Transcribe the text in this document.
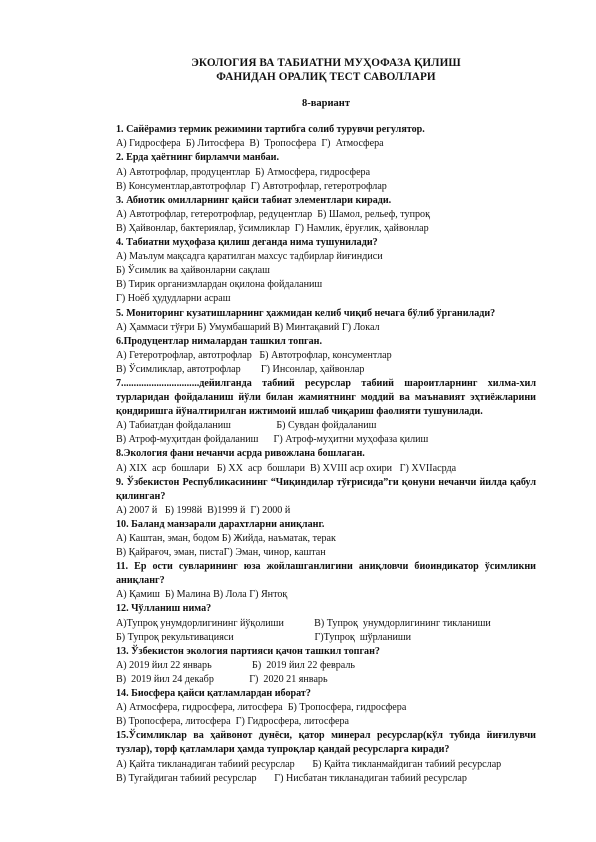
ЭКОЛОГИЯ ВА ТАБИАТНИ МУҲОФАЗА ҚИЛИШ
ФАНИДАН ОРАЛИҚ ТЕСТ САВОЛЛАРИ
8-вариант
1. Сайёрамиз термик режимини тартибга солиб турувчи регулятор.
А) Гидросфера  Б) Литосфера  В)  Тропосфера  Г)  Атмосфера
2. Ерда ҳаётнинг бирламчи манбаи.
А) Автотрофлар, продуцентлар  Б) Атмосфера, гидросфера
В) Консументлар,автотрофлар  Г) Автотрофлар, гетеротрофлар
3. Абиотик омилларнинг қайси табиат элементлари киради.
А) Автотрофлар, гетеротрофлар, редуцентлар  Б) Шамол, рельеф, тупроқ
В) Ҳайвонлар, бактериялар, ўсимликлар  Г) Намлик, ёруғлик, ҳайвонлар
4. Табиатни муҳофаза қилиш деганда нима тушунилади?
А) Маълум мақсадга қаратилган махсус тадбирлар йиғиндиси
Б) Ўсимлик ва ҳайвонларни сақлаш
В) Тирик организмлардан оқилона фойдаланиш
Г) Ноёб ҳудудларни асраш
5. Мониторинг кузатишларнинг ҳажмидан келиб чиқиб нечага бўлиб ўрганилади?
А) Ҳаммаси тўғри Б) Умумбашарий В) Минтақавий Г) Локал
6.Продуцентлар нималардан ташкил топган.
А) Гетеротрофлар, автотрофлар   Б) Автотрофлар, консументлар
В) Ўсимликлар, автотрофлар        Г) Инсонлар, ҳайвонлар
7...............................дейилганда табиий ресурслар табиий шароитларнинг хилма-хил турларидан фойдаланиш йўли билан жамиятнинг моддий ва маънавият эҳтиёжларини қондиришга йўналтирилган ижтимоий ишлаб чиқариш фаолияти тушунилади.
А) Табиатдан фойдаланиш                  Б) Сувдан фойдаланиш
В) Атроф-муҳитдан фойдаланиш      Г) Атроф-муҳитни муҳофаза қилиш
8.Экология фани нечанчи асрда ривожлана бошлаган.
А) XIX  аср  бошлари   Б) XX  аср  бошлари  В) XVIII аср охири   Г) XVIIасрда
9. Ўзбекистон Республикасининг “Чиқиндилар тўғрисида”ги қонуни нечанчи йилда қабул қилинган?
А) 2007 й   Б) 1998й  В)1999 й  Г) 2000 й
10. Баланд манзарали дарахтларни аниқланг.
А) Каштан, эман, бодом Б) Жийда, наъматак, терак
В) Қайрағоч, эман, пистаГ) Эман, чинор, каштан
11. Ер ости сувларининг юза жойлашганлигини аниқловчи биоиндикатор ўсимликни аниқланг?
А) Қамиш  Б) Малина В) Лола Г) Янтоқ
12. Чўлланиш нима?
А)Тупроқ унумдорлигининг йўқолиши            В) Тупроқ  унумдорлигининг тикланиши
Б) Тупроқ рекультивацияси                                Г)Тупроқ  шўрланиши
13. Ўзбекистон экология партияси қачон ташкил топган?
А) 2019 йил 22 январь                Б)  2019 йил 22 февраль
В)  2019 йил 24 декабр              Г)  2020 21 январь
14. Биосфера қайси қатламлардан иборат?
А) Атмосфера, гидросфера, литосфера  Б) Тропосфера, гидросфера
В) Тропосфера, литосфера  Г) Гидросфера, литосфера
15.Ўсимликлар ва ҳайвонот дунёси, қатор минерал ресурслар(кўл тубида йиғилувчи тузлар), торф қатламлари ҳамда тупроқлар қандай ресурсларга киради?
А) Қайта тикланадиган табиий ресурслар       Б) Қайта тикланмайдиган табиий ресурслар
В) Тугайдиган табиий ресурслар       Г) Нисбатан тикланадиган табиий ресурслар
